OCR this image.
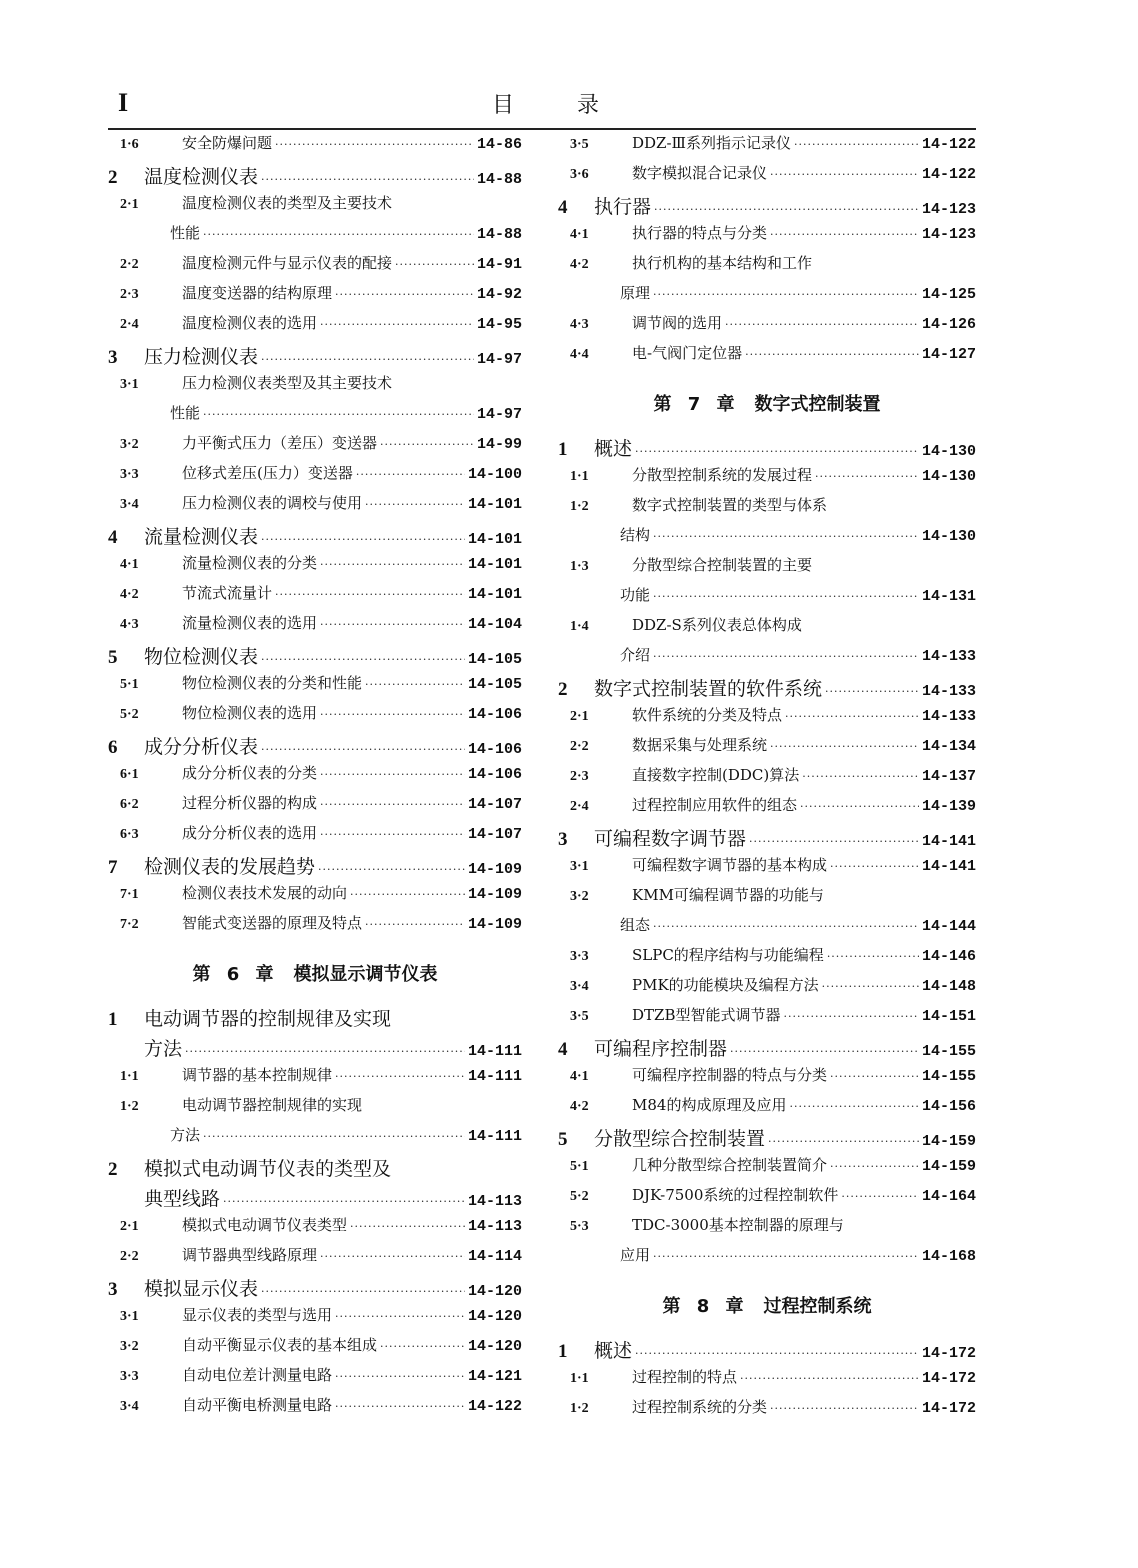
I	目 录
1·6	安全防爆问题 ·····	14-86
2	温度检测仪表 ·····	14-88
2·1	温度检测仪表的类型及主要技术
性能 ·····	14-88
2·2	温度检测元件与显示仪表的配接 ·····	14-91
2·3	温度变送器的结构原理 ·····	14-92
2·4	温度检测仪表的选用 ·····	14-95
3	压力检测仪表 ·····	14-97
3·1	压力检测仪表类型及其主要技术
性能 ·····	14-97
3·2	力平衡式压力（差压）变送器 ·····	14-99
3·3	位移式差压(压力）变送器 ·····	14-100
3·4	压力检测仪表的调校与使用 ·····	14-101
4	流量检测仪表 ·····	14-101
4·1	流量检测仪表的分类 ·····	14-101
4·2	节流式流量计 ·····	14-101
4·3	流量检测仪表的选用 ·····	14-104
5	物位检测仪表 ·····	14-105
5·1	物位检测仪表的分类和性能 ·····	14-105
5·2	物位检测仪表的选用 ·····	14-106
6	成分分析仪表 ·····	14-106
6·1	成分分析仪表的分类 ·····	14-106
6·2	过程分析仪器的构成 ·····	14-107
6·3	成分分析仪表的选用 ·····	14-107
7	检测仪表的发展趋势 ·····	14-109
7·1	检测仪表技术发展的动向 ·····	14-109
7·2	智能式变送器的原理及特点 ·····	14-109
第 6 章 模拟显示调节仪表
1	电动调节器的控制规律及实现
方法 ·····	14-111
1·1	调节器的基本控制规律 ·····	14-111
1·2	电动调节器控制规律的实现
方法 ·····	14-111
2	模拟式电动调节仪表的类型及
典型线路 ·····	14-113
2·1	模拟式电动调节仪表类型 ·····	14-113
2·2	调节器典型线路原理 ·····	14-114
3	模拟显示仪表 ·····	14-120
3·1	显示仪表的类型与选用 ·····	14-120
3·2	自动平衡显示仪表的基本组成 ·····	14-120
3·3	自动电位差计测量电路 ·····	14-121
3·4	自动平衡电桥测量电路 ·····	14-122
3·5	DDZ-Ⅲ系列指示记录仪 ·····	14-122
3·6	数字模拟混合记录仪 ·····	14-122
4	执行器 ·····	14-123
4·1	执行器的特点与分类 ·····	14-123
4·2	执行机构的基本结构和工作
原理 ·····	14-125
4·3	调节阀的选用 ·····	14-126
4·4	电-气阀门定位器 ·····	14-127
第 7 章 数字式控制装置
1	概述 ·····	14-130
1·1	分散型控制系统的发展过程 ·····	14-130
1·2	数字式控制装置的类型与体系
结构 ·····	14-130
1·3	分散型综合控制装置的主要
功能 ·····	14-131
1·4	DDZ-S系列仪表总体构成
介绍 ·····	14-133
2	数字式控制装置的软件系统 ·····	14-133
2·1	软件系统的分类及特点 ·····	14-133
2·2	数据采集与处理系统 ·····	14-134
2·3	直接数字控制(DDC)算法 ·····	14-137
2·4	过程控制应用软件的组态 ·····	14-139
3	可编程数字调节器 ·····	14-141
3·1	可编程数字调节器的基本构成 ·····	14-141
3·2	KMM可编程调节器的功能与
组态 ·····	14-144
3·3	SLPC的程序结构与功能编程 ·····	14-146
3·4	PMK的功能模块及编程方法 ·····	14-148
3·5	DTZB型智能式调节器 ·····	14-151
4	可编程序控制器 ·····	14-155
4·1	可编程序控制器的特点与分类 ·····	14-155
4·2	M84的构成原理及应用 ·····	14-156
5	分散型综合控制装置 ·····	14-159
5·1	几种分散型综合控制装置简介 ·····	14-159
5·2	DJK-7500系统的过程控制软件 ·····	14-164
5·3	TDC-3000基本控制器的原理与
应用 ·····	14-168
第 8 章 过程控制系统
1	概述 ·····	14-172
1·1	过程控制的特点 ·····	14-172
1·2	过程控制系统的分类 ·····	14-172
